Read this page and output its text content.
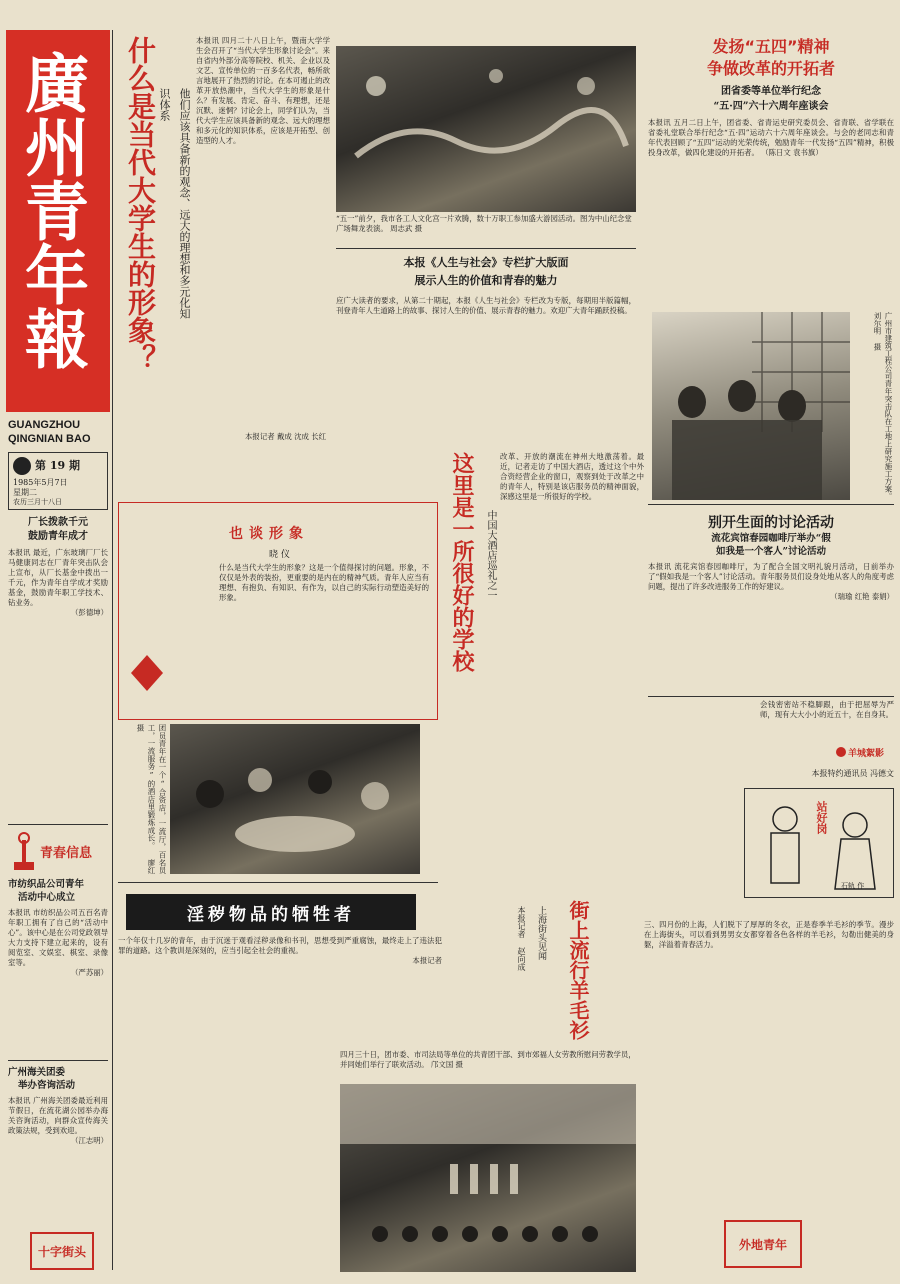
廣州青年報
GUANGZHOU
QINGNIAN BAO
第 19 期
1985年5月7日
星期二
农历三月十八日
厂长拨款千元
鼓励青年成才
本报讯 最近，广东玻璃厂厂长马健康同志在厂青年突击队会上宣布，从厂长基金中拨出一千元，作为青年自学成才奖励基金，鼓励青年职工学技术、钻业务。
（彭德坤）
青春信息
市纺织品公司青年
活动中心成立
本报讯 市纺织品公司五百名青年职工拥有了自己的“活动中心”。该中心是在公司党政领导大力支持下建立起来的，设有阅览室、文娱室、棋室、录像室等。
（严苏丽）
广州海关团委
举办咨询活动
本报讯 广州海关团委最近利用节假日，在流花湖公园举办海关咨询活动，向群众宣传海关政策法规，受到欢迎。
（江志明）
十字街头
什么是当代大学生的形象？	他们应该具备新的观念、远大的理想和多元化知识体系
本报讯 四月二十八日上午，暨南大学学生会召开了“当代大学生形象讨论会”。来自省内外部分高等院校、机关、企业以及文艺、宣传单位的一百多名代表，畅所欲言地展开了热烈的讨论。在本可遏止的改革开放热潮中，当代大学生的形象是什么？有发展、肯定、奋斗、有理想，还是沉默、迷惘？讨论会上，同学们认为，当代大学生应该具备新的观念、远大的理想和多元化的知识体系，应该是开拓型、创造型的人才。
本报记者 戴成 沈成 长红
“五一”前夕，我市各工人文化宫一片欢腾，数十万职工参加盛大游园活动。图为中山纪念堂广场舞龙表演。 周志武 摄
本报《人生与社会》专栏扩大版面
展示人生的价值和青春的魅力
应广大读者的要求，从第二十期起，本报《人生与社会》专栏改为专版，每期用半版篇幅，刊登青年人生道路上的故事、探讨人生的价值、展示青春的魅力。欢迎广大青年踊跃投稿。
发扬“五四”精神
争做改革的开拓者
团省委等单位举行纪念
“五·四”六十六周年座谈会
本报讯 五月二日上午，团省委、省青运史研究委员会、省青联、省学联在省委礼堂联合举行纪念“五·四”运动六十六周年座谈会。与会的老同志和青年代表回顾了“五四”运动的光荣传统，勉励青年一代发扬“五四”精神，积极投身改革，做四化建设的开拓者。 （陈日文 袁书旗）
广州市建筑工程公司青年突击队在工地上研究施工方案。 刘尔明 摄
别开生面的讨论活动
流花宾馆春园咖啡厅举办“假
如我是一个客人”讨论活动
本报讯 流花宾馆春园咖啡厅，为了配合全国文明礼貌月活动，日前举办了“假如我是一个客人”讨论活动。青年服务员们设身处地从客人的角度考虑问题，提出了许多改进服务工作的好建议。
（瑞瑜 红艳 泰娟）
也谈形象
晓 仪
什么是当代大学生的形象？这是一个值得探讨的问题。形象，不仅仅是外表的装扮，更重要的是内在的精神气质。青年人应当有理想、有抱负、有知识、有作为，以自己的实际行动塑造美好的形象。	这里是一所很好的学校	中国大酒店巡礼之一
改革、开放的潮流在神州大地激荡着。最近，记者走访了中国大酒店，透过这个中外合资经营企业的窗口，观察到处于改革之中的青年人，特别是该店服务员的精神面貌，深感这里是一所很好的学校。
团员青年在一个“合资店，一流厅，百名员工，一流服务”的酒店里锻炼成长。 廖红 摄
淫秽物品的牺牲者
一个年仅十几岁的青年，由于沉迷于观看淫秽录像和书刊，思想受到严重腐蚀，最终走上了违法犯罪的道路。这个教训是深刻的，应当引起全社会的重视。
本报记者	街上流行羊毛衫
上海街头见闻
本报记者 赵向成	三、四月份的上海，人们脱下了厚厚的冬衣，正是春季羊毛衫的季节。漫步在上海街头，可以看到男男女女都穿着各色各样的羊毛衫，勾勒出健美的身躯，洋溢着青春活力。
四月三十日，团市委、市司法局等单位的共青团干部、到市郊福人女劳教所慰问劳教学员，并同她们举行了联欢活动。 邝文国 摄
会钱密密站不稳脚跟，由于把屈辱为严师，现有大大小小的近五十，在自身其。
羊城絮影
本报特约通讯员 冯德文
站好岗
石轨 作
外地青年
